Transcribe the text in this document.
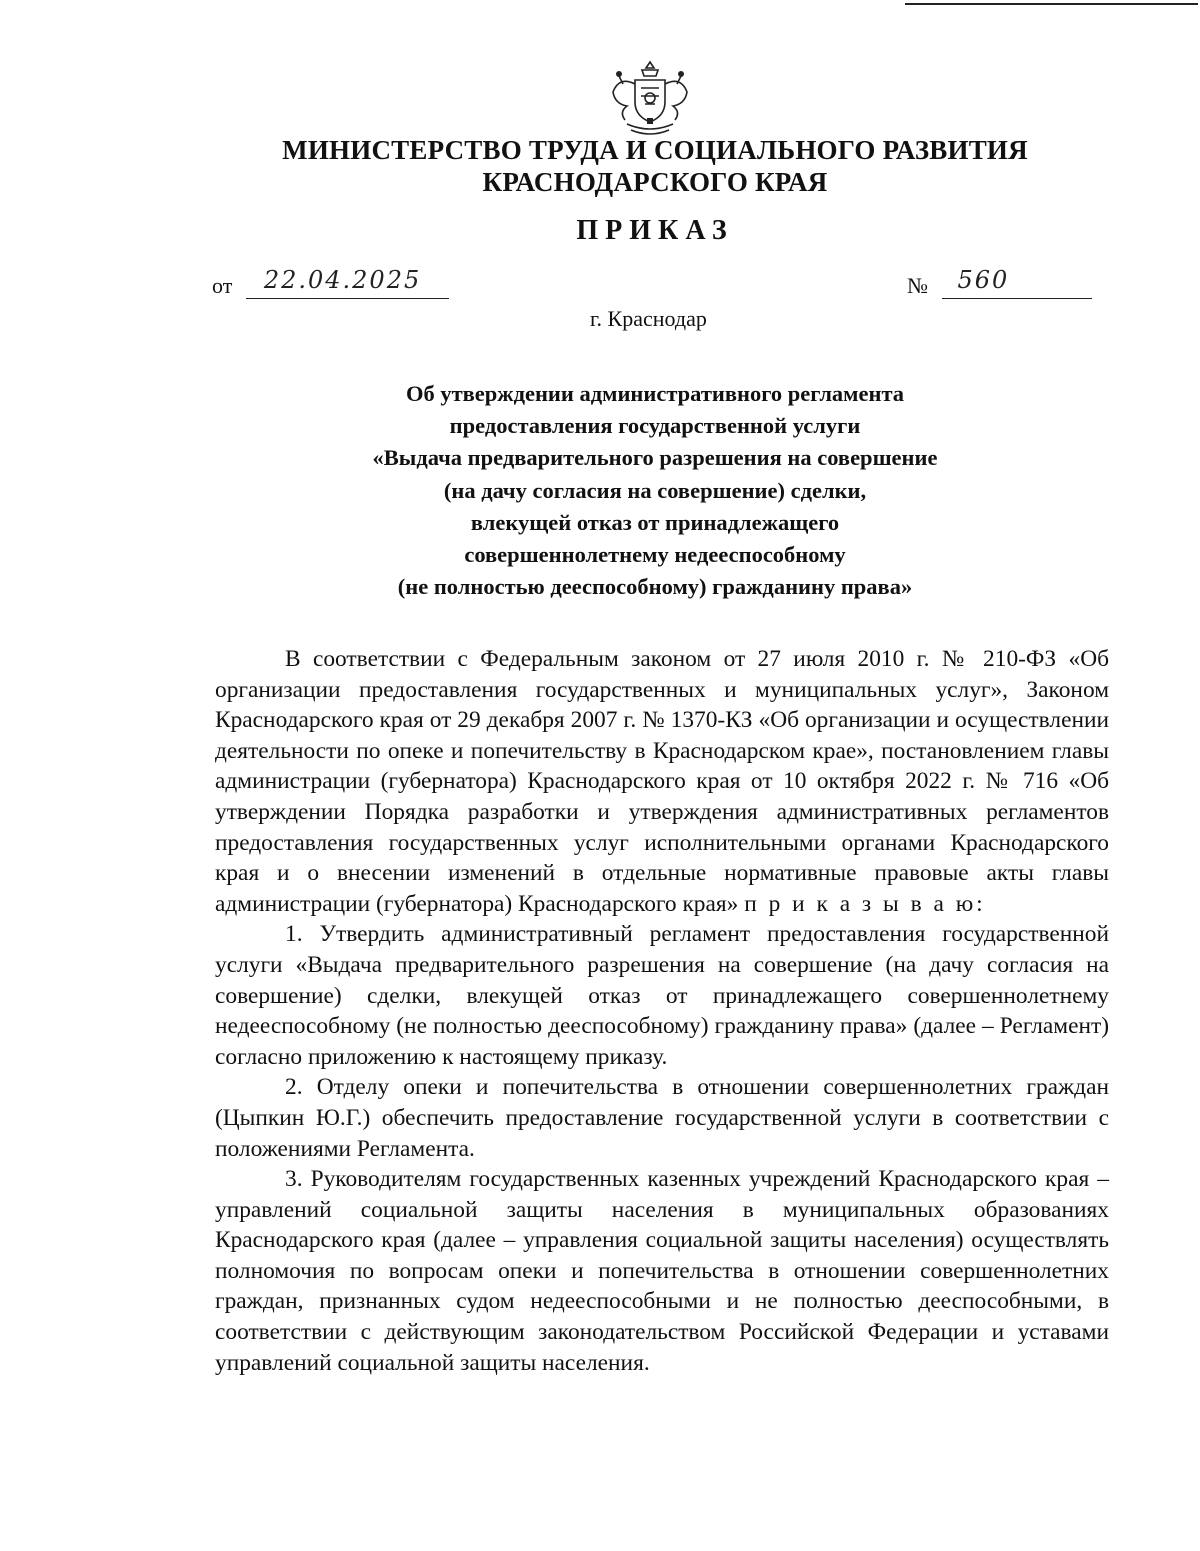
МИНИСТЕРСТВО ТРУДА И СОЦИАЛЬНОГО РАЗВИТИЯ
КРАСНОДАРСКОГО КРАЯ
ПРИКАЗ
от 22.04.2025	№ 560
г. Краснодар
Об утверждении административного регламента
предоставления государственной услуги
«Выдача предварительного разрешения на совершение
(на дачу согласия на совершение) сделки,
влекущей отказ от принадлежащего
совершеннолетнему недееспособному
(не полностью дееспособному) гражданину права»

В соответствии с Федеральным законом от 27 июля 2010 г. № 210-ФЗ «Об организации предоставления государственных и муниципальных услуг», Законом Краснодарского края от 29 декабря 2007 г. № 1370-КЗ «Об организации и осуществлении деятельности по опеке и попечительству в Краснодарском крае», постановлением главы администрации (губернатора) Краснодарского края от 10 октября 2022 г. № 716 «Об утверждении Порядка разработки и утверждения административных регламентов предоставления государственных услуг исполнительными органами Краснодарского края и о внесении изменений в отдельные нормативные правовые акты главы администрации (губернатора) Краснодарского края» п р и к а з ы в а ю:

1. Утвердить административный регламент предоставления государственной услуги «Выдача предварительного разрешения на совершение (на дачу согласия на совершение) сделки, влекущей отказ от принадлежащего совершеннолетнему недееспособному (не полностью дееспособному) гражданину права» (далее – Регламент) согласно приложению к настоящему приказу.

2. Отделу опеки и попечительства в отношении совершеннолетних граждан (Цыпкин Ю.Г.) обеспечить предоставление государственной услуги в соответствии с положениями Регламента.

3. Руководителям государственных казенных учреждений Краснодарского края – управлений социальной защиты населения в муниципальных образованиях Краснодарского края (далее – управления социальной защиты населения) осуществлять полномочия по вопросам опеки и попечительства в отношении совершеннолетних граждан, признанных судом недееспособными и не полностью дееспособными, в соответствии с действующим законодательством Российской Федерации и уставами управлений социальной защиты населения.
